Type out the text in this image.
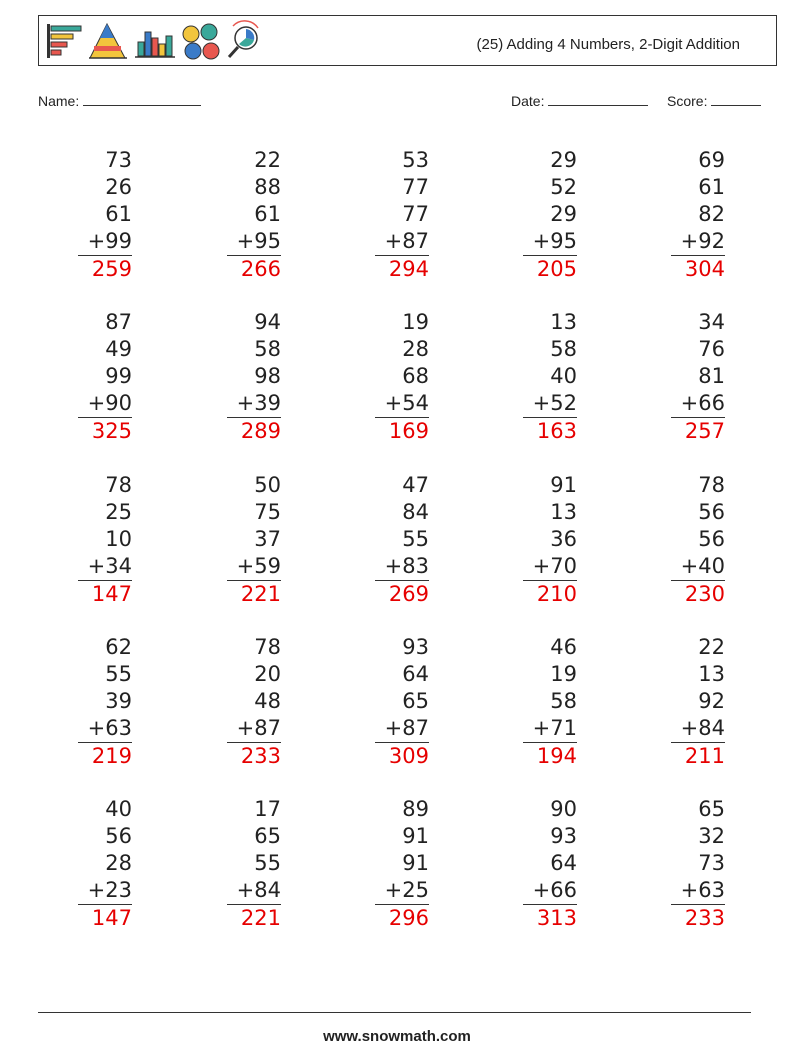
(25) Adding 4 Numbers, 2-Digit Addition
Name:	Date:	Score:
73
26
61
+99
259
22
88
61
+95
266
53
77
77
+87
294
29
52
29
+95
205
69
61
82
+92
304
87
49
99
+90
325
94
58
98
+39
289
19
28
68
+54
169
13
58
40
+52
163
34
76
81
+66
257
78
25
10
+34
147
50
75
37
+59
221
47
84
55
+83
269
91
13
36
+70
210
78
56
56
+40
230
62
55
39
+63
219
78
20
48
+87
233
93
64
65
+87
309
46
19
58
+71
194
22
13
92
+84
211
40
56
28
+23
147
17
65
55
+84
221
89
91
91
+25
296
90
93
64
+66
313
65
32
73
+63
233
www.snowmath.com
